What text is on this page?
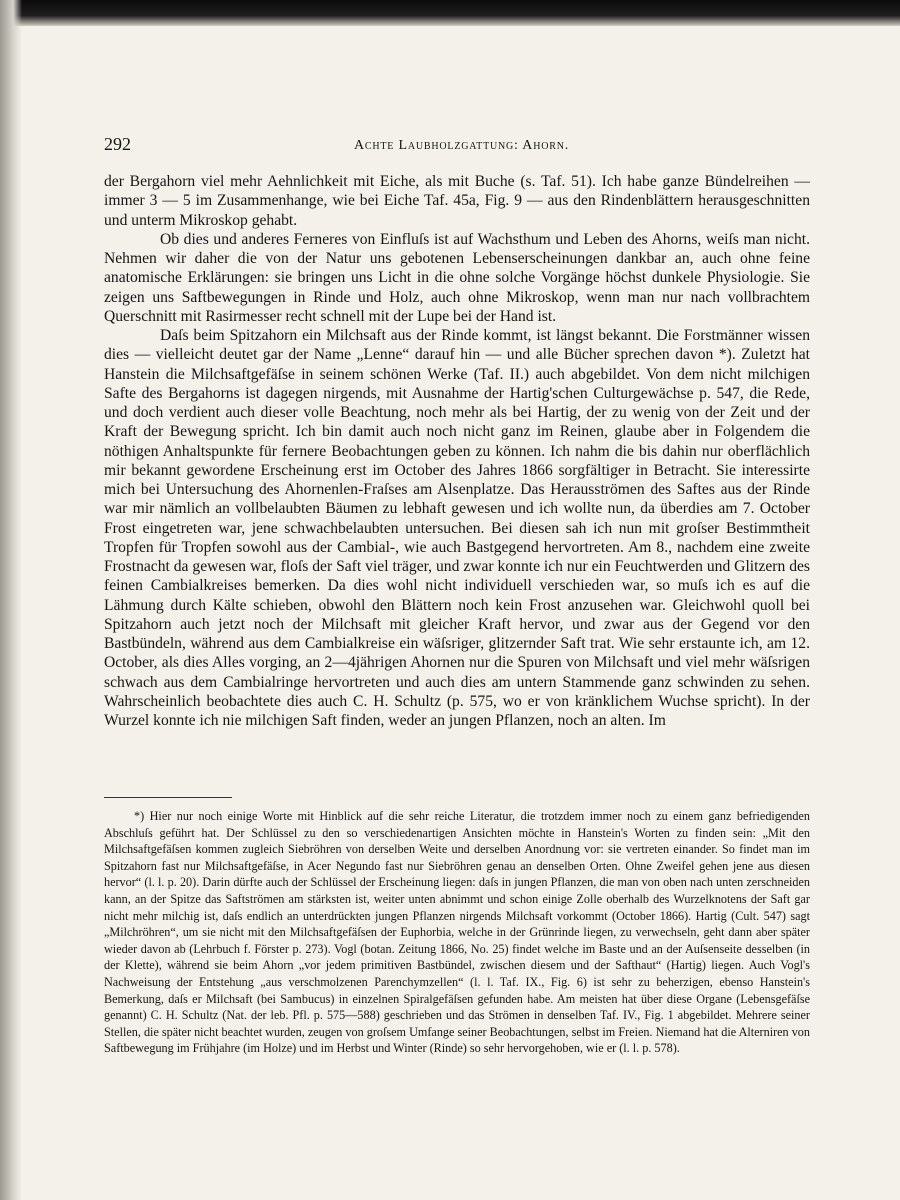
292	Achte Laubholzgattung: Ahorn.

der Bergahorn viel mehr Aehnlichkeit mit Eiche, als mit Buche (s. Taf. 51). Ich habe ganze Bündelreihen — immer 3 — 5 im Zusammenhange, wie bei Eiche Taf. 45a, Fig. 9 — aus den Rindenblättern herausgeschnitten und unterm Mikroskop gehabt.

Ob dies und anderes Ferneres von Einfluſs ist auf Wachsthum und Leben des Ahorns, weiſs man nicht. Nehmen wir daher die von der Natur uns gebotenen Lebenserscheinungen dankbar an, auch ohne feine anatomische Erklärungen: sie bringen uns Licht in die ohne solche Vorgänge höchst dunkele Physiologie. Sie zeigen uns Saftbewegungen in Rinde und Holz, auch ohne Mikroskop, wenn man nur nach vollbrachtem Querschnitt mit Rasirmesser recht schnell mit der Lupe bei der Hand ist.

Daſs beim Spitzahorn ein Milchsaft aus der Rinde kommt, ist längst bekannt. Die Forstmänner wissen dies — vielleicht deutet gar der Name „Lenne“ darauf hin — und alle Bücher sprechen davon *). Zuletzt hat Hanstein die Milchsaftgefäſse in seinem schönen Werke (Taf. II.) auch abgebildet. Von dem nicht milchigen Safte des Bergahorns ist dagegen nirgends, mit Ausnahme der Hartig'schen Culturgewächse p. 547, die Rede, und doch verdient auch dieser volle Beachtung, noch mehr als bei Hartig, der zu wenig von der Zeit und der Kraft der Bewegung spricht. Ich bin damit auch noch nicht ganz im Reinen, glaube aber in Folgendem die nöthigen Anhaltspunkte für fernere Beobachtungen geben zu können. Ich nahm die bis dahin nur oberflächlich mir bekannt gewordene Erscheinung erst im October des Jahres 1866 sorgfältiger in Betracht. Sie interessirte mich bei Untersuchung des Ahornenlen-Fraſses am Alsenplatze. Das Herausströmen des Saftes aus der Rinde war mir nämlich an vollbelaubten Bäumen zu lebhaft gewesen und ich wollte nun, da überdies am 7. October Frost eingetreten war, jene schwachbelaubten untersuchen. Bei diesen sah ich nun mit groſser Bestimmtheit Tropfen für Tropfen sowohl aus der Cambial-, wie auch Bastgegend hervortreten. Am 8., nachdem eine zweite Frostnacht da gewesen war, floſs der Saft viel träger, und zwar konnte ich nur ein Feuchtwerden und Glitzern des feinen Cambialkreises bemerken. Da dies wohl nicht individuell verschieden war, so muſs ich es auf die Lähmung durch Kälte schieben, obwohl den Blättern noch kein Frost anzusehen war. Gleichwohl quoll bei Spitzahorn auch jetzt noch der Milchsaft mit gleicher Kraft hervor, und zwar aus der Gegend vor den Bastbündeln, während aus dem Cambialkreise ein wäſsriger, glitzernder Saft trat. Wie sehr erstaunte ich, am 12. October, als dies Alles vorging, an 2—4jährigen Ahornen nur die Spuren von Milchsaft und viel mehr wäſsrigen schwach aus dem Cambialringe hervortreten und auch dies am untern Stammende ganz schwinden zu sehen. Wahrscheinlich beobachtete dies auch C. H. Schultz (p. 575, wo er von kränklichem Wuchse spricht). In der Wurzel konnte ich nie milchigen Saft finden, weder an jungen Pflanzen, noch an alten. Im

*) Hier nur noch einige Worte mit Hinblick auf die sehr reiche Literatur, die trotzdem immer noch zu einem ganz befriedigenden Abschluſs geführt hat. Der Schlüssel zu den so verschiedenartigen Ansichten möchte in Hanstein's Worten zu finden sein: „Mit den Milchsaftgefäſsen kommen zugleich Siebröhren von derselben Weite und derselben Anordnung vor: sie vertreten einander. So findet man im Spitzahorn fast nur Milchsaftgefäſse, in Acer Negundo fast nur Siebröhren genau an denselben Orten. Ohne Zweifel gehen jene aus diesen hervor“ (l. l. p. 20). Darin dürfte auch der Schlüssel der Erscheinung liegen: daſs in jungen Pflanzen, die man von oben nach unten zerschneiden kann, an der Spitze das Saftströmen am stärksten ist, weiter unten abnimmt und schon einige Zolle oberhalb des Wurzelknotens der Saft gar nicht mehr milchig ist, daſs endlich an unterdrückten jungen Pflanzen nirgends Milchsaft vorkommt (October 1866). Hartig (Cult. 547) sagt „Milchröhren“, um sie nicht mit den Milchsaftgefäſsen der Euphorbia, welche in der Grünrinde liegen, zu verwechseln, geht dann aber später wieder davon ab (Lehrbuch f. Förster p. 273). Vogl (botan. Zeitung 1866, No. 25) findet welche im Baste und an der Auſsenseite desselben (in der Klette), während sie beim Ahorn „vor jedem primitiven Bastbündel, zwischen diesem und der Safthaut“ (Hartig) liegen. Auch Vogl's Nachweisung der Entstehung „aus verschmolzenen Parenchymzellen“ (l. l. Taf. IX., Fig. 6) ist sehr zu beherzigen, ebenso Hanstein's Bemerkung, daſs er Milchsaft (bei Sambucus) in einzelnen Spiralgefäſsen gefunden habe. Am meisten hat über diese Organe (Lebensgefäſse genannt) C. H. Schultz (Nat. der leb. Pfl. p. 575—588) geschrieben und das Strömen in denselben Taf. IV., Fig. 1 abgebildet. Mehrere seiner Stellen, die später nicht beachtet wurden, zeugen von groſsem Umfange seiner Beobachtungen, selbst im Freien. Niemand hat die Alterniren von Saftbewegung im Frühjahre (im Holze) und im Herbst und Winter (Rinde) so sehr hervorgehoben, wie er (l. l. p. 578).
